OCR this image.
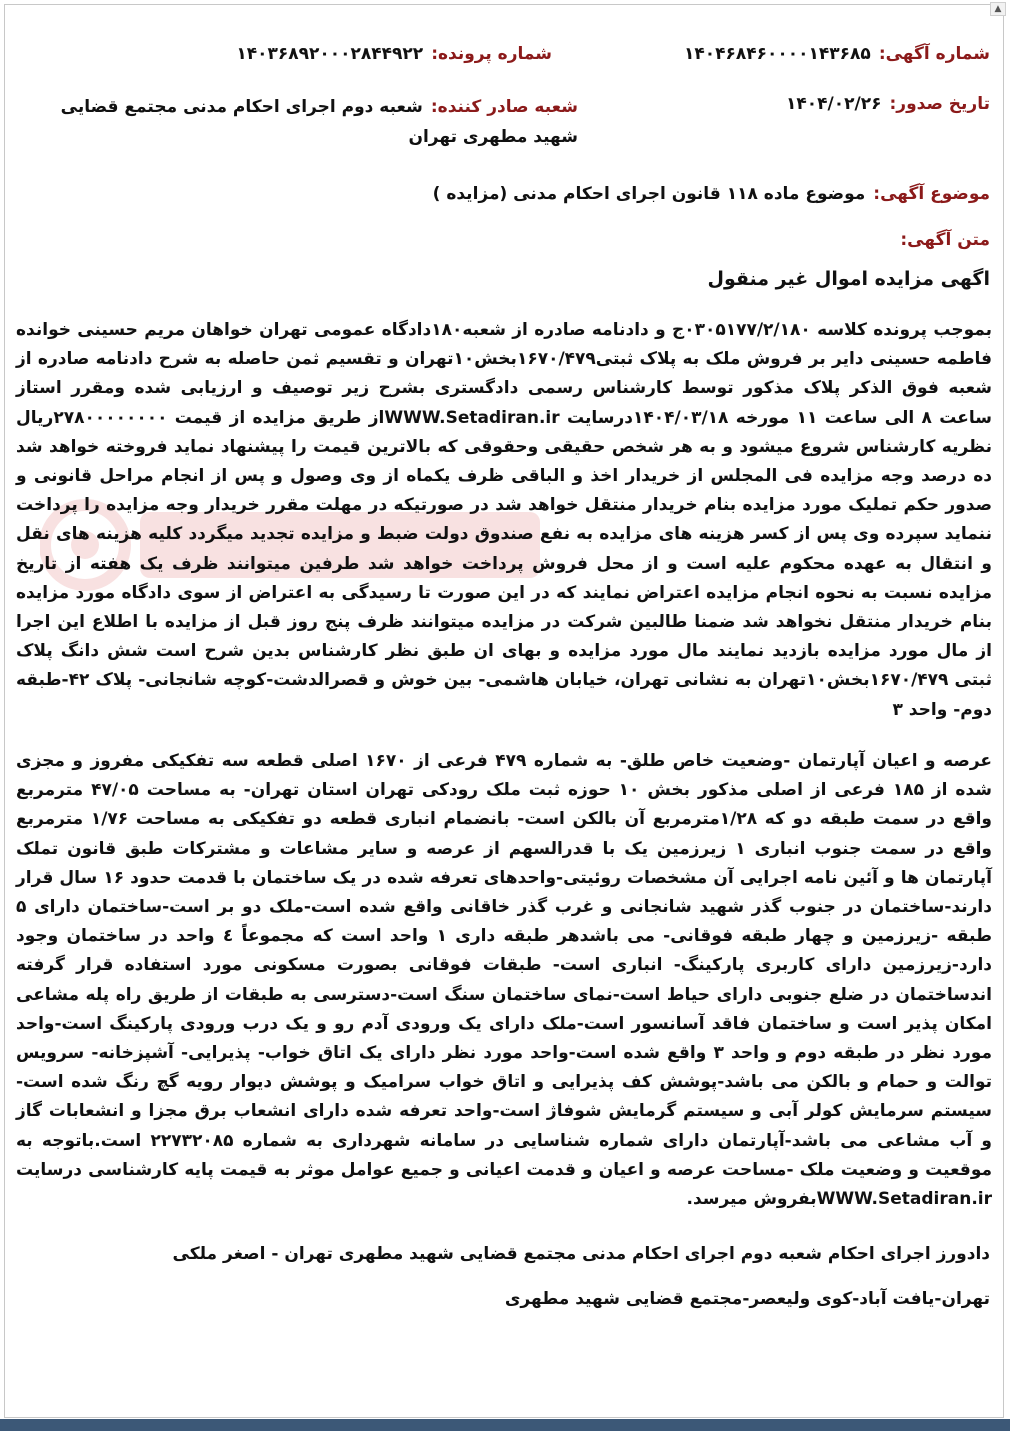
▲
شماره آگهی:۱۴۰۴۶۸۴۶۰۰۰۰۱۴۳۶۸۵
شماره پرونده:۱۴۰۳۶۸۹۲۰۰۰۲۸۴۴۹۲۲
تاریخ صدور:۱۴۰۴/۰۲/۲۶
شعبه صادر کننده:شعبه دوم اجرای احکام مدنی مجتمع قضایی شهید مطهری تهران
موضوع آگهی:موضوع ماده ۱۱۸ قانون اجرای احکام مدنی (مزایده )
متن آگهی:
اگهی مزایده اموال غیر منقول
بموجب پرونده کلاسه ۰۳۰۵۱۷۷/۲/۱۸۰ج و دادنامه صادره از شعبه۱۸۰دادگاه عمومی تهران خواهان مریم حسینی خوانده فاطمه حسینی دایر بر فروش ملک به پلاک ثبتی۱۶۷۰/۴۷۹بخش۱۰تهران و تقسیم ثمن حاصله به شرح دادنامه صادره از شعبه فوق الذکر پلاک مذکور توسط کارشناس رسمی دادگستری بشرح زیر توصیف و ارزیابی شده ومقرر استاز ساعت ۸ الی ساعت ۱۱ مورخه ۱۴۰۴/۰۳/۱۸درسایت WWW.Setadiran.irاز طریق مزایده از قیمت ۲۷۸۰۰۰۰۰۰۰۰ریال نظریه کارشناس شروع میشود و به هر شخص حقیقی وحقوقی که بالاترین قیمت را پیشنهاد نماید فروخته خواهد شد ده درصد وجه مزایده فی المجلس از خریدار اخذ و الباقی ظرف یکماه از وی وصول و پس از انجام مراحل قانونی و صدور حکم تملیک مورد مزایده بنام خریدار منتقل خواهد شد در صورتیکه در مهلت مقرر خریدار وجه مزایده را پرداخت ننماید سپرده وی پس از کسر هزینه های مزایده به نفع صندوق دولت ضبط و مزایده تجدید میگردد کلیه هزینه های نقل و انتقال به عهده محکوم علیه است و از محل فروش پرداخت خواهد شد طرفین میتوانند ظرف یک هفته از تاریخ مزایده نسبت به نحوه انجام مزایده اعتراض نمایند که در این صورت تا رسیدگی به اعتراض از سوی دادگاه مورد مزایده بنام خریدار منتقل نخواهد شد ضمنا طالبین شرکت در مزایده میتوانند ظرف پنج روز قبل از مزایده با اطلاع این اجرا از مال مورد مزایده بازدید نمایند مال مورد مزایده و بهای ان طبق نظر کارشناس بدین شرح است شش دانگ پلاک ثبتی ۱۶۷۰/۴۷۹بخش۱۰تهران به نشانی تهران، خیابان هاشمی- بین خوش و قصرالدشت-کوچه شانجانی- پلاک ۴۲-طبقه دوم- واحد ۳
عرصه و اعیان آپارتمان -وضعیت خاص طلق- به شماره ۴۷۹ فرعی از ۱۶۷۰ اصلی قطعه سه تفکیکی مفروز و مجزی شده از ۱۸۵ فرعی از اصلی مذکور بخش ۱۰ حوزه ثبت ملک رودکی تهران استان تهران- به مساحت ۴۷/۰۵ مترمربع واقع در سمت طبقه دو که ۱/۲۸مترمربع آن بالکن است- بانضمام انباری قطعه دو تفکیکی به مساحت ۱/۷۶ مترمربع واقع در سمت جنوب انباری ۱ زیرزمین یک با قدرالسهم از عرصه و سایر مشاعات و مشترکات طبق قانون تملک آپارتمان ها و آئین نامه اجرایی آن مشخصات روئیتی-واحدهای تعرفه شده در یک ساختمان با قدمت حدود ۱۶ سال قرار دارند-ساختمان در جنوب گذر شهید شانجانی و غرب گذر خاقانی واقع شده است-ملک دو بر است-ساختمان دارای ۵ طبقه -زیرزمین و چهار طبقه فوقانی- می باشدهر طبقه داری ۱ واحد است که مجموعاً ٤ واحد در ساختمان وجود دارد-زیرزمین دارای کاربری پارکینگ- انباری است- طبقات فوقانی بصورت مسکونی مورد استفاده قرار گرفته اندساختمان در ضلع جنوبی دارای حیاط است-نمای ساختمان سنگ است-دسترسی به طبقات از طریق راه پله مشاعی امکان پذیر است و ساختمان فاقد آسانسور است-ملک دارای یک ورودی آدم رو و یک درب ورودی پارکینگ است-واحد مورد نظر در طبقه دوم و واحد ۳ واقع شده است-واحد مورد نظر دارای یک اتاق خواب- پذیرایی- آشپزخانه- سرویس توالت و حمام و بالکن می باشد-پوشش کف پذیرایی و اتاق خواب سرامیک و پوشش دیوار رویه گچ رنگ شده است-سیستم سرمایش کولر آبی و سیستم گرمایش شوفاژ است-واحد تعرفه شده دارای انشعاب برق مجزا و انشعابات گاز و آب مشاعی می باشد-آپارتمان دارای شماره شناسایی در سامانه شهرداری به شماره ۲۲۷۳۲۰۸۵ است.باتوجه به موقعیت و وضعیت ملک -مساحت عرصه و اعیان و قدمت اعیانی و جمیع عوامل موثر به قیمت پایه کارشناسی درسایت WWW.Setadiran.irبفروش میرسد.
دادورز اجرای احکام شعبه دوم اجرای احکام مدنی مجتمع قضایی شهید مطهری تهران - اصغر ملکی
تهران-یافت آباد-کوی ولیعصر-مجتمع قضایی شهید مطهری
